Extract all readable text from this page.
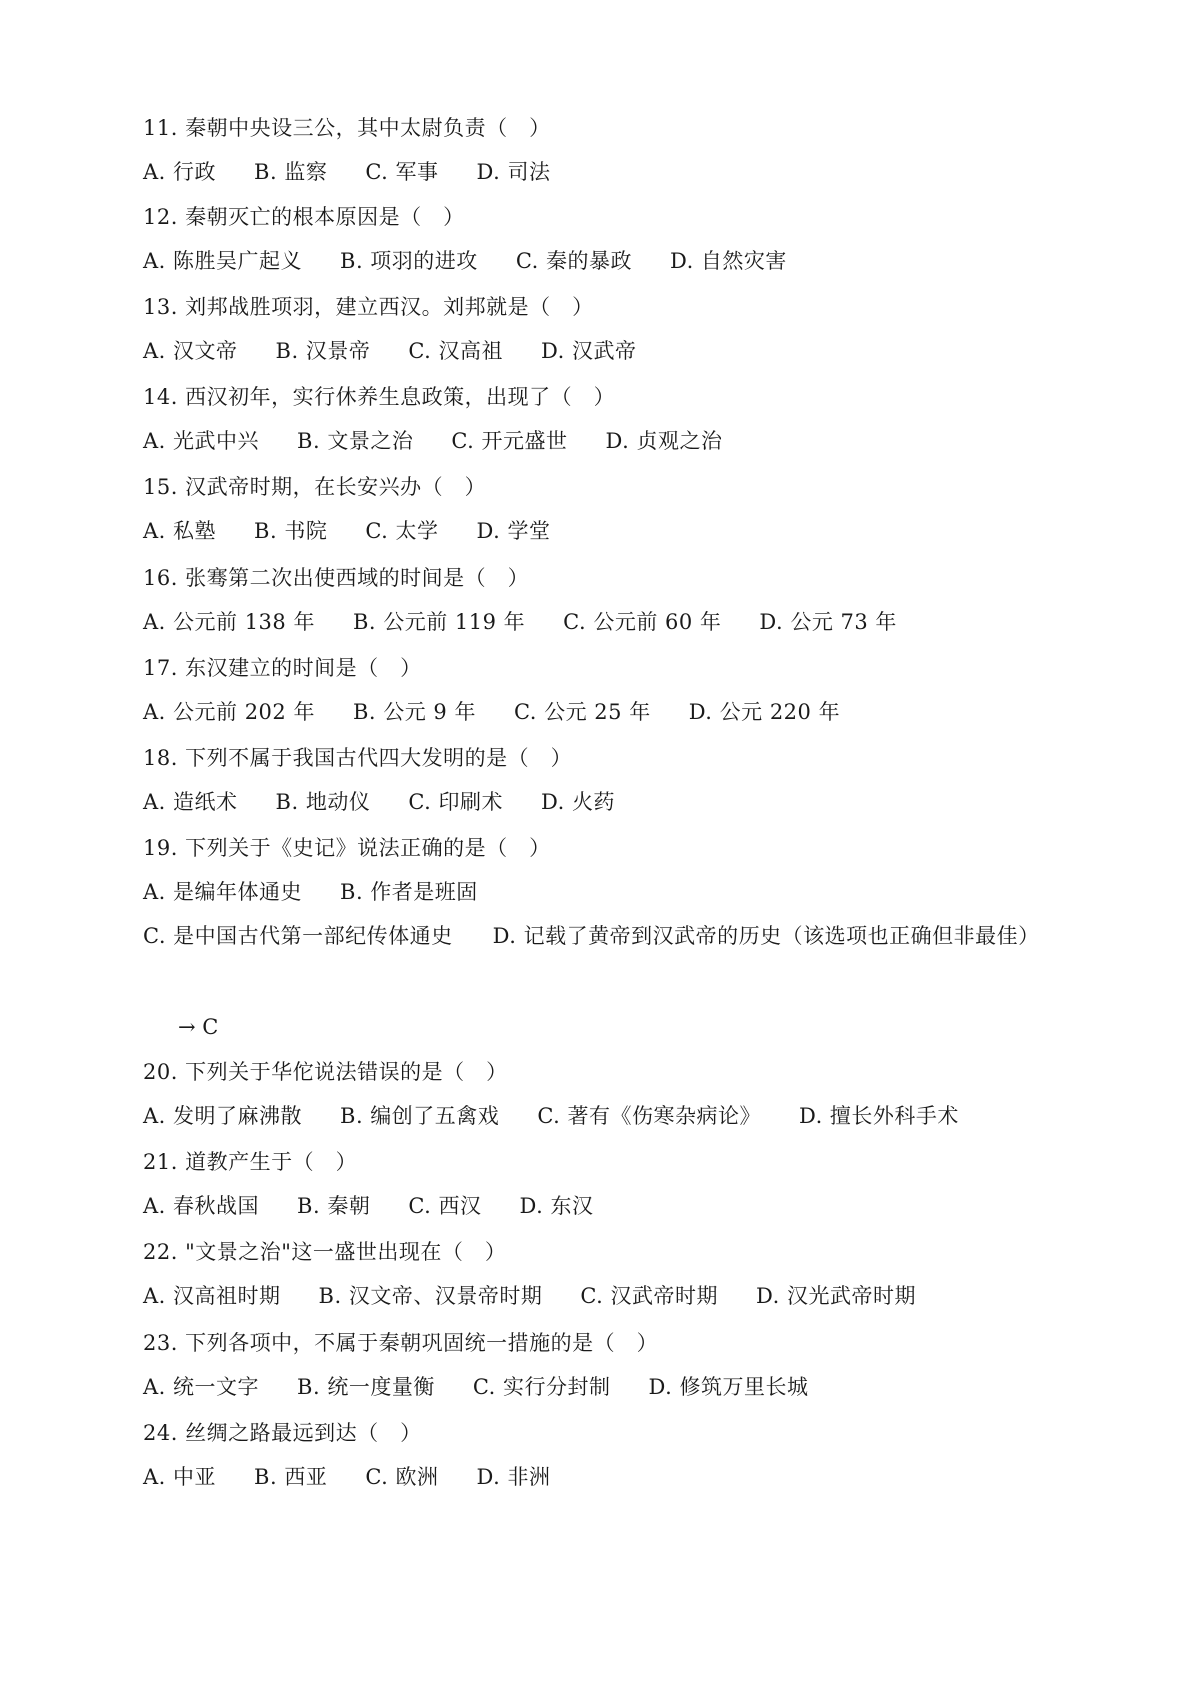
11. 秦朝中央设三公，其中太尉负责（　）
A. 行政 B. 监察 C. 军事 D. 司法
12. 秦朝灭亡的根本原因是（　）
A. 陈胜吴广起义 B. 项羽的进攻 C. 秦的暴政 D. 自然灾害
13. 刘邦战胜项羽，建立西汉。刘邦就是（　）
A. 汉文帝 B. 汉景帝 C. 汉高祖 D. 汉武帝
14. 西汉初年，实行休养生息政策，出现了（　）
A. 光武中兴 B. 文景之治 C. 开元盛世 D. 贞观之治
15. 汉武帝时期，在长安兴办（　）
A. 私塾 B. 书院 C. 太学 D. 学堂
16. 张骞第二次出使西域的时间是（　）
A. 公元前 138 年 B. 公元前 119 年 C. 公元前 60 年 D. 公元 73 年
17. 东汉建立的时间是（　）
A. 公元前 202 年 B. 公元 9 年 C. 公元 25 年 D. 公元 220 年
18. 下列不属于我国古代四大发明的是（　）
A. 造纸术 B. 地动仪 C. 印刷术 D. 火药
19. 下列关于《史记》说法正确的是（　）
A. 是编年体通史 B. 作者是班固
C. 是中国古代第一部纪传体通史 D. 记载了黄帝到汉武帝的历史（该选项也正确但非最佳）
→ C
20. 下列关于华佗说法错误的是（　）
A. 发明了麻沸散 B. 编创了五禽戏 C. 著有《伤寒杂病论》 D. 擅长外科手术
21. 道教产生于（　）
A. 春秋战国 B. 秦朝 C. 西汉 D. 东汉
22. "文景之治"这一盛世出现在（　）
A. 汉高祖时期 B. 汉文帝、汉景帝时期 C. 汉武帝时期 D. 汉光武帝时期
23. 下列各项中，不属于秦朝巩固统一措施的是（　）
A. 统一文字 B. 统一度量衡 C. 实行分封制 D. 修筑万里长城
24. 丝绸之路最远到达（　）
A. 中亚 B. 西亚 C. 欧洲 D. 非洲
